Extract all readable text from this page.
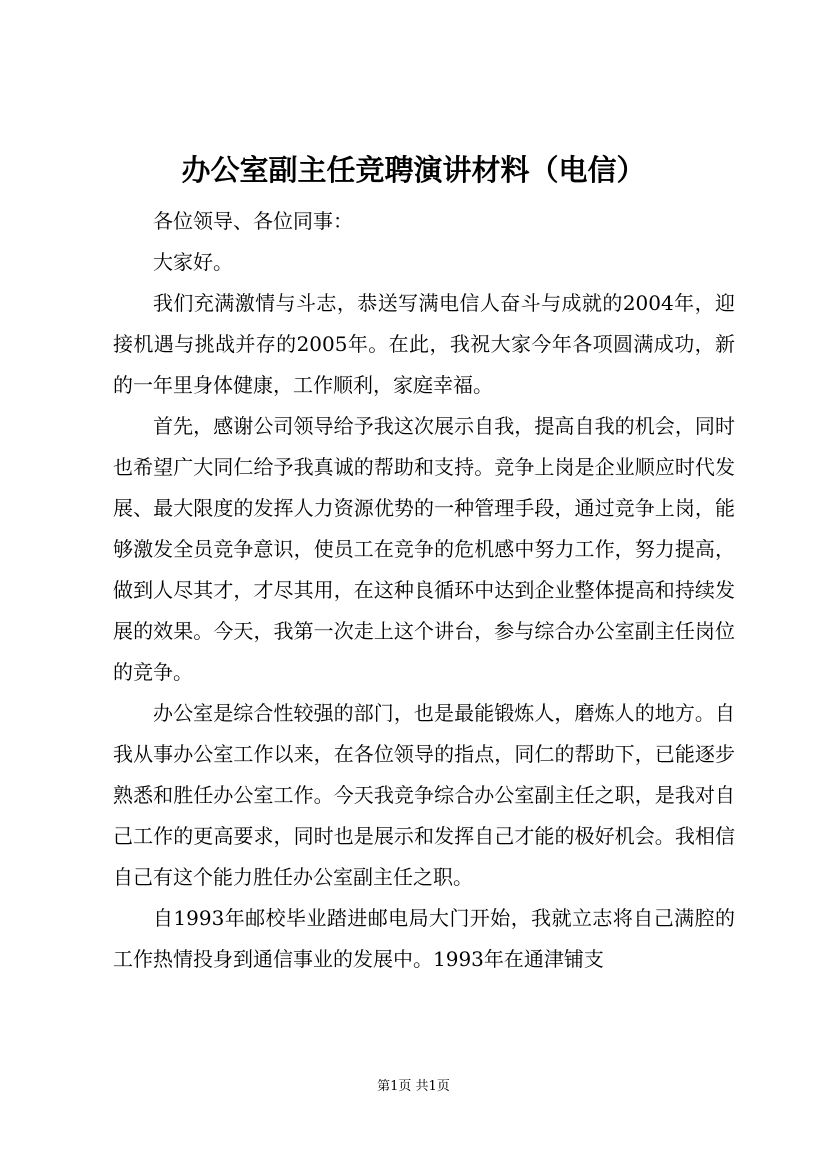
办公室副主任竞聘演讲材料（电信）

各位领导、各位同事：

大家好。

我们充满激情与斗志，恭送写满电信人奋斗与成就的2004年，迎接机遇与挑战并存的2005年。在此，我祝大家今年各项圆满成功，新的一年里身体健康，工作顺利，家庭幸福。

首先，感谢公司领导给予我这次展示自我，提高自我的机会，同时也希望广大同仁给予我真诚的帮助和支持。竞争上岗是企业顺应时代发展、最大限度的发挥人力资源优势的一种管理手段，通过竞争上岗，能够激发全员竞争意识，使员工在竞争的危机感中努力工作，努力提高，做到人尽其才，才尽其用，在这种良循环中达到企业整体提高和持续发展的效果。今天，我第一次走上这个讲台，参与综合办公室副主任岗位的竞争。

办公室是综合性较强的部门，也是最能锻炼人，磨炼人的地方。自我从事办公室工作以来，在各位领导的指点，同仁的帮助下，已能逐步熟悉和胜任办公室工作。今天我竞争综合办公室副主任之职，是我对自己工作的更高要求，同时也是展示和发挥自己才能的极好机会。我相信自己有这个能力胜任办公室副主任之职。

自1993年邮校毕业踏进邮电局大门开始，我就立志将自己满腔的工作热情投身到通信事业的发展中。1993年在通津铺支

第1页 共1页
